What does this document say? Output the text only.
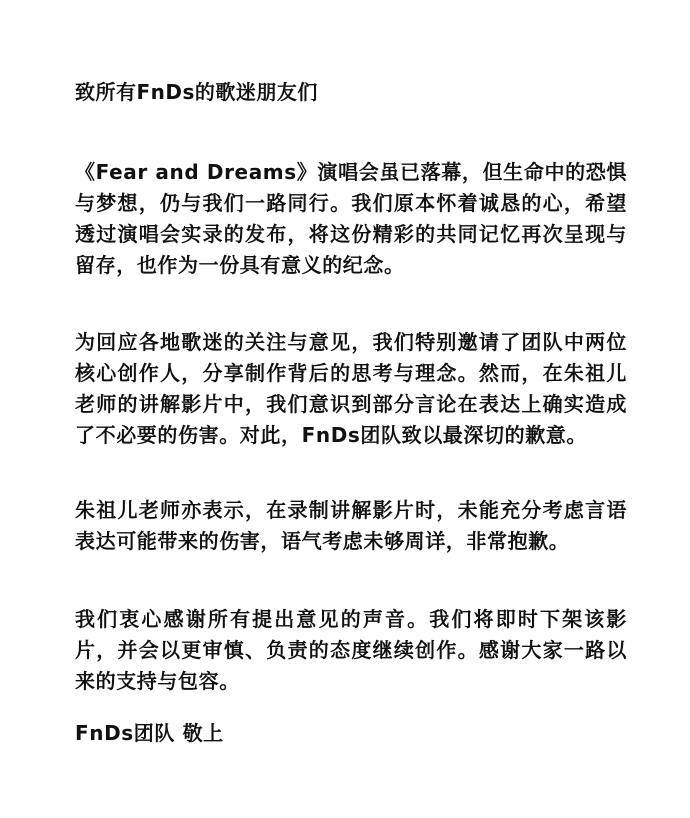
致所有FnDs的歌迷朋友们

《Fear and Dreams》演唱会虽已落幕，但生命中的恐惧与梦想，仍与我们一路同行。我们原本怀着诚恳的心，希望透过演唱会实录的发布，将这份精彩的共同记忆再次呈现与留存，也作为一份具有意义的纪念。

为回应各地歌迷的关注与意见，我们特别邀请了团队中两位核心创作人，分享制作背后的思考与理念。然而，在朱祖儿老师的讲解影片中，我们意识到部分言论在表达上确实造成了不必要的伤害。对此，FnDs团队致以最深切的歉意。

朱祖儿老师亦表示，在录制讲解影片时，未能充分考虑言语表达可能带来的伤害，语气考虑未够周详，非常抱歉。

我们衷心感谢所有提出意见的声音。我们将即时下架该影片，并会以更审慎、负责的态度继续创作。感谢大家一路以来的支持与包容。

FnDs团队 敬上
